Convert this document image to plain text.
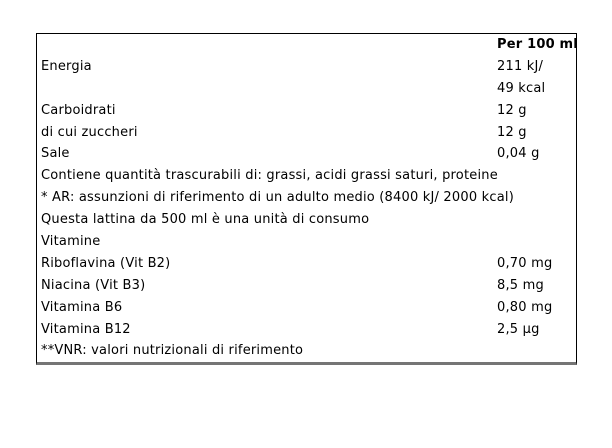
Per 100 ml
Energia	211 kJ/
49 kcal
Carboidrati	12 g
di cui zuccheri	12 g
Sale	0,04 g
Contiene quantità trascurabili di: grassi, acidi grassi saturi, proteine
* AR: assunzioni di riferimento di un adulto medio (8400 kJ/ 2000 kcal)
Questa lattina da 500 ml è una unità di consumo
Vitamine
Riboflavina (Vit B2)	0,70 mg
Niacina (Vit B3)	8,5 mg
Vitamina B6	0,80 mg
Vitamina B12	2,5 µg
**VNR: valori nutrizionali di riferimento
